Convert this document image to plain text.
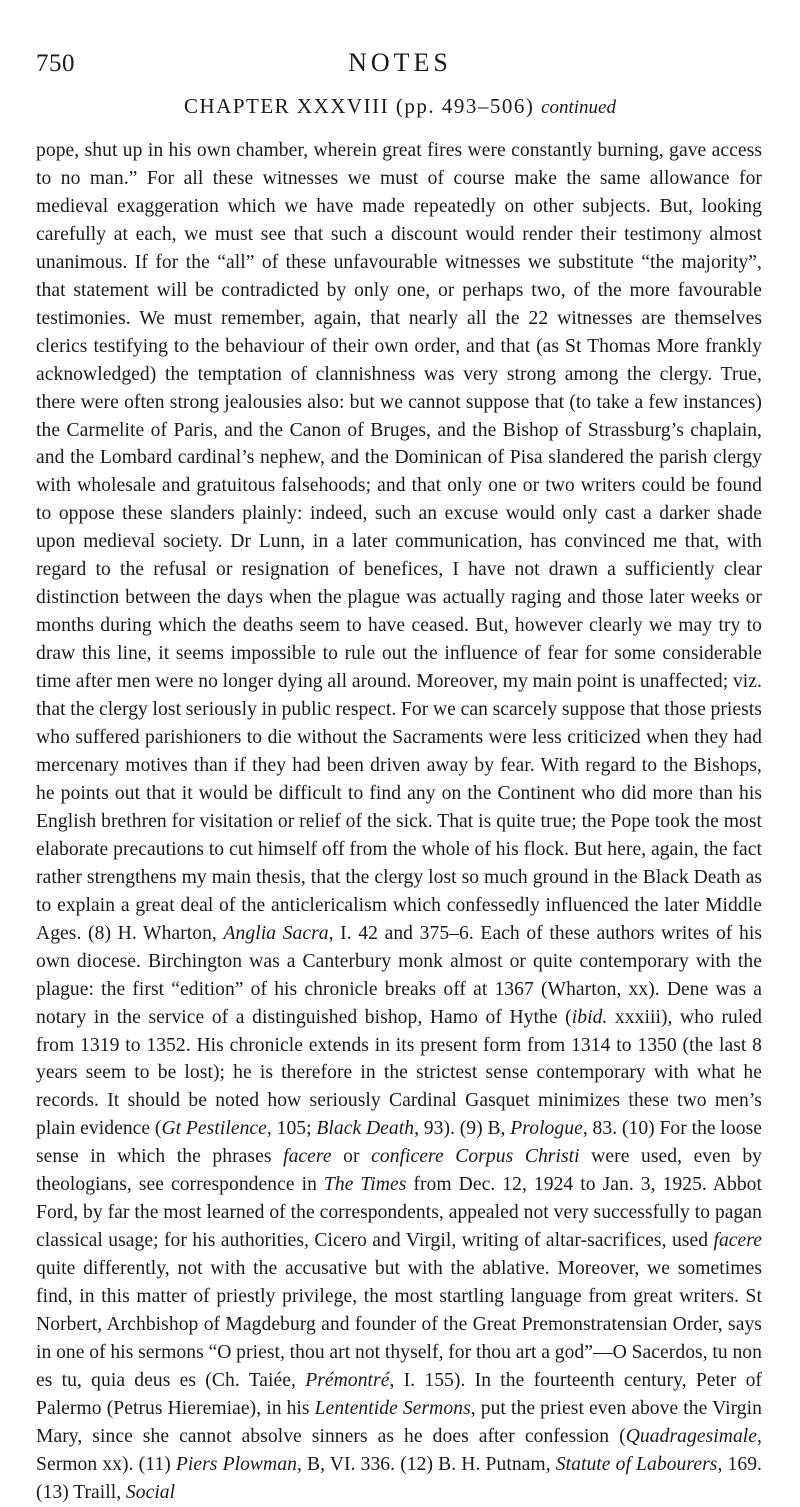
750	NOTES
CHAPTER XXXVIII (pp. 493–506) continued
pope, shut up in his own chamber, wherein great fires were constantly burning, gave access to no man.” For all these witnesses we must of course make the same allowance for medieval exaggeration which we have made repeatedly on other subjects. But, looking carefully at each, we must see that such a discount would render their testimony almost unanimous. If for the “all” of these unfavourable witnesses we substitute “the majority”, that statement will be contradicted by only one, or perhaps two, of the more favourable testimonies. We must remember, again, that nearly all the 22 witnesses are themselves clerics testifying to the behaviour of their own order, and that (as St Thomas More frankly acknowledged) the temptation of clannishness was very strong among the clergy. True, there were often strong jealousies also: but we cannot suppose that (to take a few instances) the Carmelite of Paris, and the Canon of Bruges, and the Bishop of Strassburg’s chaplain, and the Lombard cardinal’s nephew, and the Dominican of Pisa slandered the parish clergy with wholesale and gratuitous falsehoods; and that only one or two writers could be found to oppose these slanders plainly: indeed, such an excuse would only cast a darker shade upon medieval society. Dr Lunn, in a later communication, has convinced me that, with regard to the refusal or resignation of benefices, I have not drawn a sufficiently clear distinction between the days when the plague was actually raging and those later weeks or months during which the deaths seem to have ceased. But, however clearly we may try to draw this line, it seems impossible to rule out the influence of fear for some considerable time after men were no longer dying all around. Moreover, my main point is unaffected; viz. that the clergy lost seriously in public respect. For we can scarcely suppose that those priests who suffered parishioners to die without the Sacraments were less criticized when they had mercenary motives than if they had been driven away by fear. With regard to the Bishops, he points out that it would be difficult to find any on the Continent who did more than his English brethren for visitation or relief of the sick. That is quite true; the Pope took the most elaborate precautions to cut himself off from the whole of his flock. But here, again, the fact rather strengthens my main thesis, that the clergy lost so much ground in the Black Death as to explain a great deal of the anticlericalism which confessedly influenced the later Middle Ages. (8) H. Wharton, Anglia Sacra, I. 42 and 375–6. Each of these authors writes of his own diocese. Birchington was a Canterbury monk almost or quite contemporary with the plague: the first “edition” of his chronicle breaks off at 1367 (Wharton, xx). Dene was a notary in the service of a distinguished bishop, Hamo of Hythe (ibid. xxxiii), who ruled from 1319 to 1352. His chronicle extends in its present form from 1314 to 1350 (the last 8 years seem to be lost); he is therefore in the strictest sense contemporary with what he records. It should be noted how seriously Cardinal Gasquet minimizes these two men’s plain evidence (Gt Pestilence, 105; Black Death, 93). (9) B, Prologue, 83. (10) For the loose sense in which the phrases facere or conficere Corpus Christi were used, even by theologians, see correspondence in The Times from Dec. 12, 1924 to Jan. 3, 1925. Abbot Ford, by far the most learned of the correspondents, appealed not very successfully to pagan classical usage; for his authorities, Cicero and Virgil, writing of altar-sacrifices, used facere quite differently, not with the accusative but with the ablative. Moreover, we sometimes find, in this matter of priestly privilege, the most startling language from great writers. St Norbert, Archbishop of Magdeburg and founder of the Great Premonstratensian Order, says in one of his sermons “O priest, thou art not thyself, for thou art a god”—O Sacerdos, tu non es tu, quia deus es (Ch. Taiée, Prémontré, I. 155). In the fourteenth century, Peter of Palermo (Petrus Hieremiae), in his Lententide Sermons, put the priest even above the Virgin Mary, since she cannot absolve sinners as he does after confession (Quadragesimale, Sermon xx). (11) Piers Plowman, B, VI. 336. (12) B. H. Putnam, Statute of Labourers, 169. (13) Traill, Social
